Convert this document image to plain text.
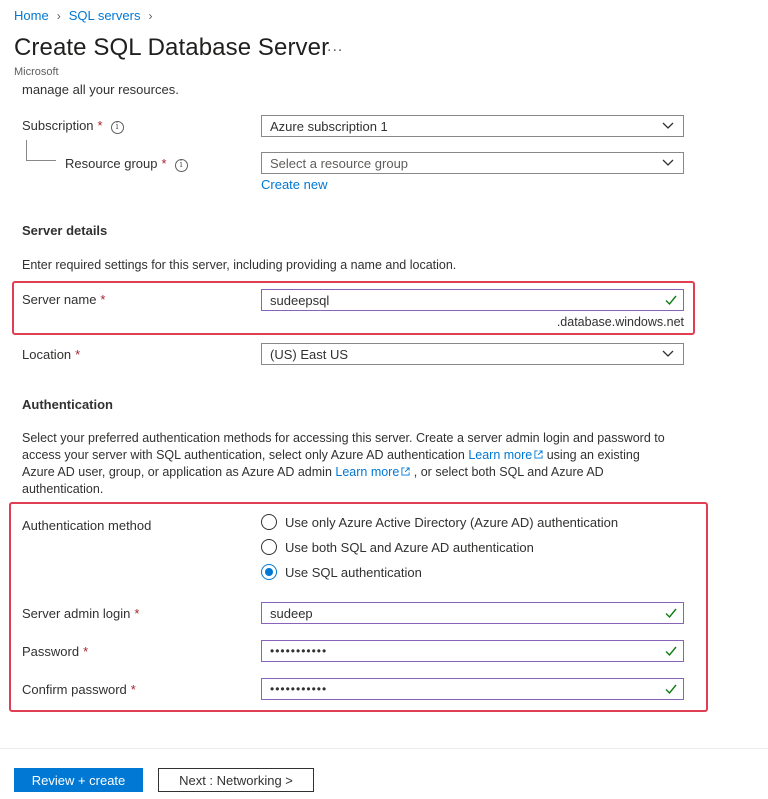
Home › SQL servers ›
Create SQL Database Server
...
Microsoft
manage all your resources.
Subscription * i	Azure subscription 1
Resource group * i	Select a resource group
Create new
Server details
Enter required settings for this server, including providing a name and location.
Server name *	sudeepsql
.database.windows.net
Location *	(US) East US
Authentication
Select your preferred authentication methods for accessing this server. Create a server admin login and password to access your server with SQL authentication, select only Azure AD authentication Learn more using an existing Azure AD user, group, or application as Azure AD admin Learn more , or select both SQL and Azure AD authentication.
Authentication method	Use only Azure Active Directory (Azure AD) authentication
Use both SQL and Azure AD authentication
Use SQL authentication
Server admin login *	sudeep
Password *	•••••••••••
Confirm password *	•••••••••••
Review + create	Next : Networking >
